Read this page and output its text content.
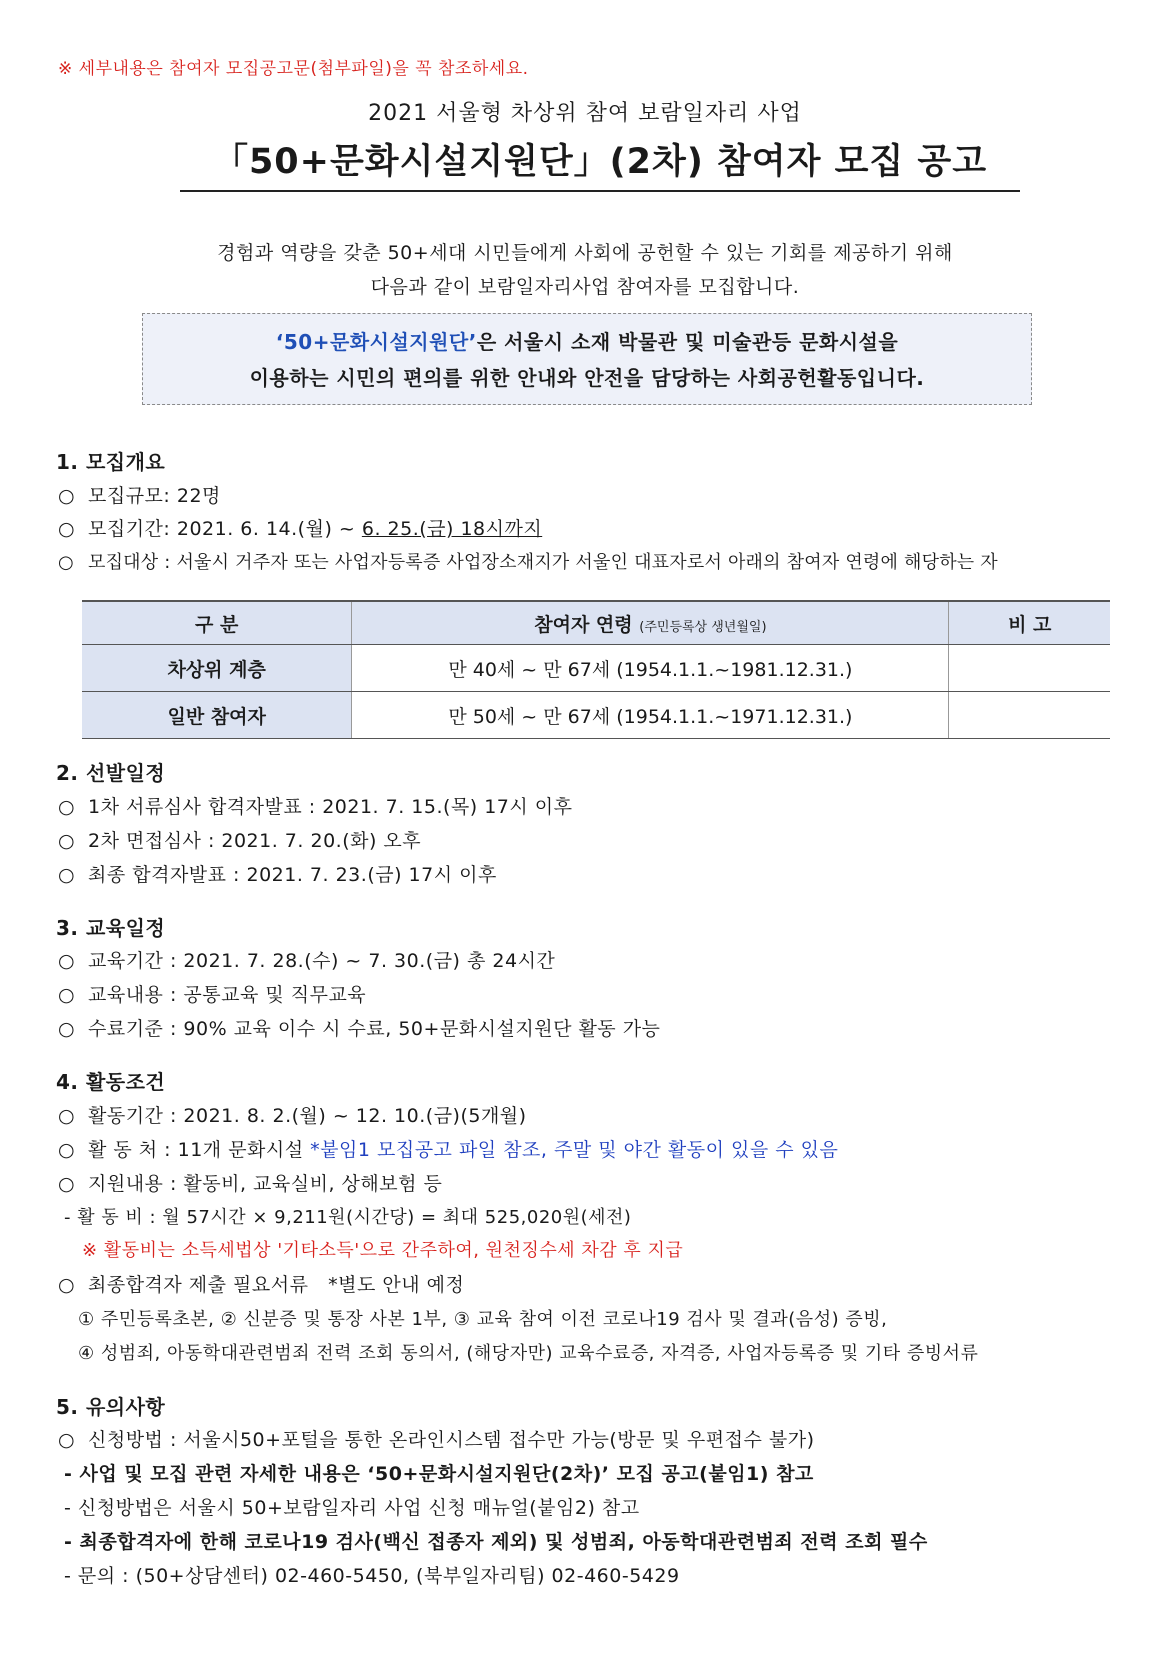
※ 세부내용은 참여자 모집공고문(첨부파일)을 꼭 참조하세요.
2021 서울형 차상위 참여 보람일자리 사업
「50+문화시설지원단」(2차) 참여자 모집 공고
경험과 역량을 갖춘 50+세대 시민들에게 사회에 공헌할 수 있는 기회를 제공하기 위해
다음과 같이 보람일자리사업 참여자를 모집합니다.
‘50+문화시설지원단’은 서울시 소재 박물관 및 미술관등 문화시설을
이용하는 시민의 편의를 위한 안내와 안전을 담당하는 사회공헌활동입니다.
1. 모집개요
○ 모집규모: 22명
○ 모집기간: 2021. 6. 14.(월) ~ 6. 25.(금) 18시까지
○ 모집대상 : 서울시 거주자 또는 사업자등록증 사업장소재지가 서울인 대표자로서 아래의 참여자 연령에 해당하는 자
구 분	참여자 연령 (주민등록상 생년월일)	비 고
차상위 계층	만 40세 ~ 만 67세 (1954.1.1.~1981.12.31.)	
일반 참여자	만 50세 ~ 만 67세 (1954.1.1.~1971.12.31.)	
2. 선발일정
○ 1차 서류심사 합격자발표 : 2021. 7. 15.(목) 17시 이후
○ 2차 면접심사 : 2021. 7. 20.(화) 오후
○ 최종 합격자발표 : 2021. 7. 23.(금) 17시 이후
3. 교육일정
○ 교육기간 : 2021. 7. 28.(수) ~ 7. 30.(금) 총 24시간
○ 교육내용 : 공통교육 및 직무교육
○ 수료기준 : 90% 교육 이수 시 수료, 50+문화시설지원단 활동 가능
4. 활동조건
○ 활동기간 : 2021. 8. 2.(월) ~ 12. 10.(금)(5개월)
○ 활 동 처 : 11개 문화시설 *붙임1 모집공고 파일 참조, 주말 및 야간 활동이 있을 수 있음
○ 지원내용 : 활동비, 교육실비, 상해보험 등
- 활 동 비 : 월 57시간 × 9,211원(시간당) = 최대 525,020원(세전)
※ 활동비는 소득세법상 '기타소득'으로 간주하여, 원천징수세 차감 후 지급
○ 최종합격자 제출 필요서류 *별도 안내 예정
① 주민등록초본, ② 신분증 및 통장 사본 1부, ③ 교육 참여 이전 코로나19 검사 및 결과(음성) 증빙,
④ 성범죄, 아동학대관련범죄 전력 조회 동의서, (해당자만) 교육수료증, 자격증, 사업자등록증 및 기타 증빙서류
5. 유의사항
○ 신청방법 : 서울시50+포털을 통한 온라인시스템 접수만 가능(방문 및 우편접수 불가)
- 사업 및 모집 관련 자세한 내용은 ‘50+문화시설지원단(2차)’ 모집 공고(붙임1) 참고
- 신청방법은 서울시 50+보람일자리 사업 신청 매뉴얼(붙임2) 참고
- 최종합격자에 한해 코로나19 검사(백신 접종자 제외) 및 성범죄, 아동학대관련범죄 전력 조회 필수
- 문의 : (50+상담센터) 02-460-5450, (북부일자리팀) 02-460-5429
